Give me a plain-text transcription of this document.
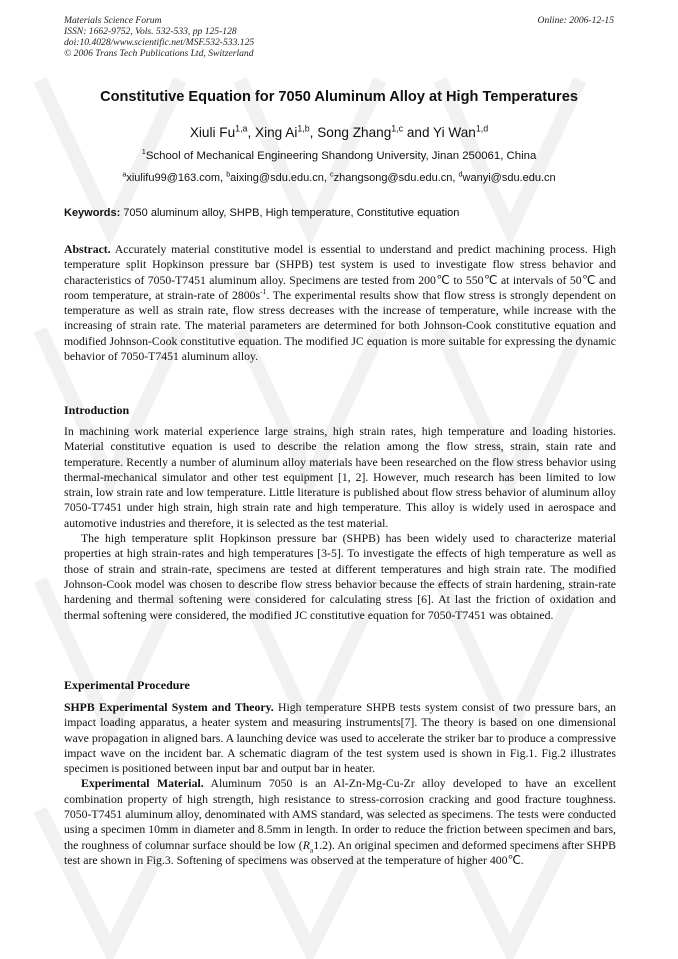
Materials Science Forum
ISSN: 1662-9752, Vols. 532-533, pp 125-128
doi:10.4028/www.scientific.net/MSF.532-533.125
© 2006 Trans Tech Publications Ltd, Switzerland
Online: 2006-12-15
Constitutive Equation for 7050 Aluminum Alloy at High Temperatures
Xiuli Fu$^{1,a}$, Xing Ai$^{1,b}$, Song Zhang$^{1,c}$ and Yi Wan$^{1,d}$
$^1$School of Mechanical Engineering Shandong University, Jinan 250061, China
$^a$xiulifu99@163.com, $^b$aixing@sdu.edu.cn, $^c$zhangsong@sdu.edu.cn, $^d$wanyi@sdu.edu.cn
Keywords: 7050 aluminum alloy, SHPB, High temperature, Constitutive equation

Abstract. Accurately material constitutive model is essential to understand and predict machining process. High temperature split Hopkinson pressure bar (SHPB) test system is used to investigate flow stress behavior and characteristics of 7050-T7451 aluminum alloy. Specimens are tested from 200℃ to 550℃ at intervals of 50℃ and room temperature, at strain-rate of $2800s^{-1}$. The experimental results show that flow stress is strongly dependent on temperature as well as strain rate, flow stress decreases with the increase of temperature, while increase with the increasing of strain rate. The material parameters are determined for both Johnson-Cook constitutive equation and modified Johnson-Cook constitutive equation. The modified JC equation is more suitable for expressing the dynamic behavior of 7050-T7451 aluminum alloy.

Introduction

In machining work material experience large strains, high strain rates, high temperature and loading histories. Material constitutive equation is used to describe the relation among the flow stress, strain, stain rate and temperature. Recently a number of aluminum alloy materials have been researched on the flow stress behavior using thermal-mechanical simulator and other test equipment [1, 2]. However, much research has been limited to low strain, low strain rate and low temperature. Little literature is published about flow stress behavior of aluminum alloy 7050-T7451 under high strain, high strain rate and high temperature. This alloy is widely used in aerospace and automotive industries and therefore, it is selected as the test material.

The high temperature split Hopkinson pressure bar (SHPB) has been widely used to characterize material properties at high strain-rates and high temperatures [3-5]. To investigate the effects of high temperature as well as those of strain and strain-rate, specimens are tested at different temperatures and high strain rate. The modified Johnson-Cook model was chosen to describe flow stress behavior because the effects of strain hardening, strain-rate hardening and thermal softening were considered for calculating stress [6]. At last the friction of oxidation and thermal softening were considered, the modified JC constitutive equation for 7050-T7451 was obtained.

Experimental Procedure

SHPB Experimental System and Theory. High temperature SHPB tests system consist of two pressure bars, an impact loading apparatus, a heater system and measuring instruments[7]. The theory is based on one dimensional wave propagation in aligned bars. A launching device was used to accelerate the striker bar to produce a compressive impact wave on the incident bar. A schematic diagram of the test system used is shown in Fig.1. Fig.2 illustrates specimen is positioned between input bar and output bar in heater.

Experimental Material. Aluminum 7050 is an Al-Zn-Mg-Cu-Zr alloy developed to have an excellent combination property of high strength, high resistance to stress-corrosion cracking and good fracture toughness. 7050-T7451 aluminum alloy, denominated with AMS standard, was selected as specimens. The tests were conducted using a specimen 10mm in diameter and 8.5mm in length. In order to reduce the friction between specimen and bars, the roughness of columnar surface should be low $(R_a1.2)$. An original specimen and deformed specimens after SHPB test are shown in Fig.3. Softening of specimens was observed at the temperature of higher 400℃.
